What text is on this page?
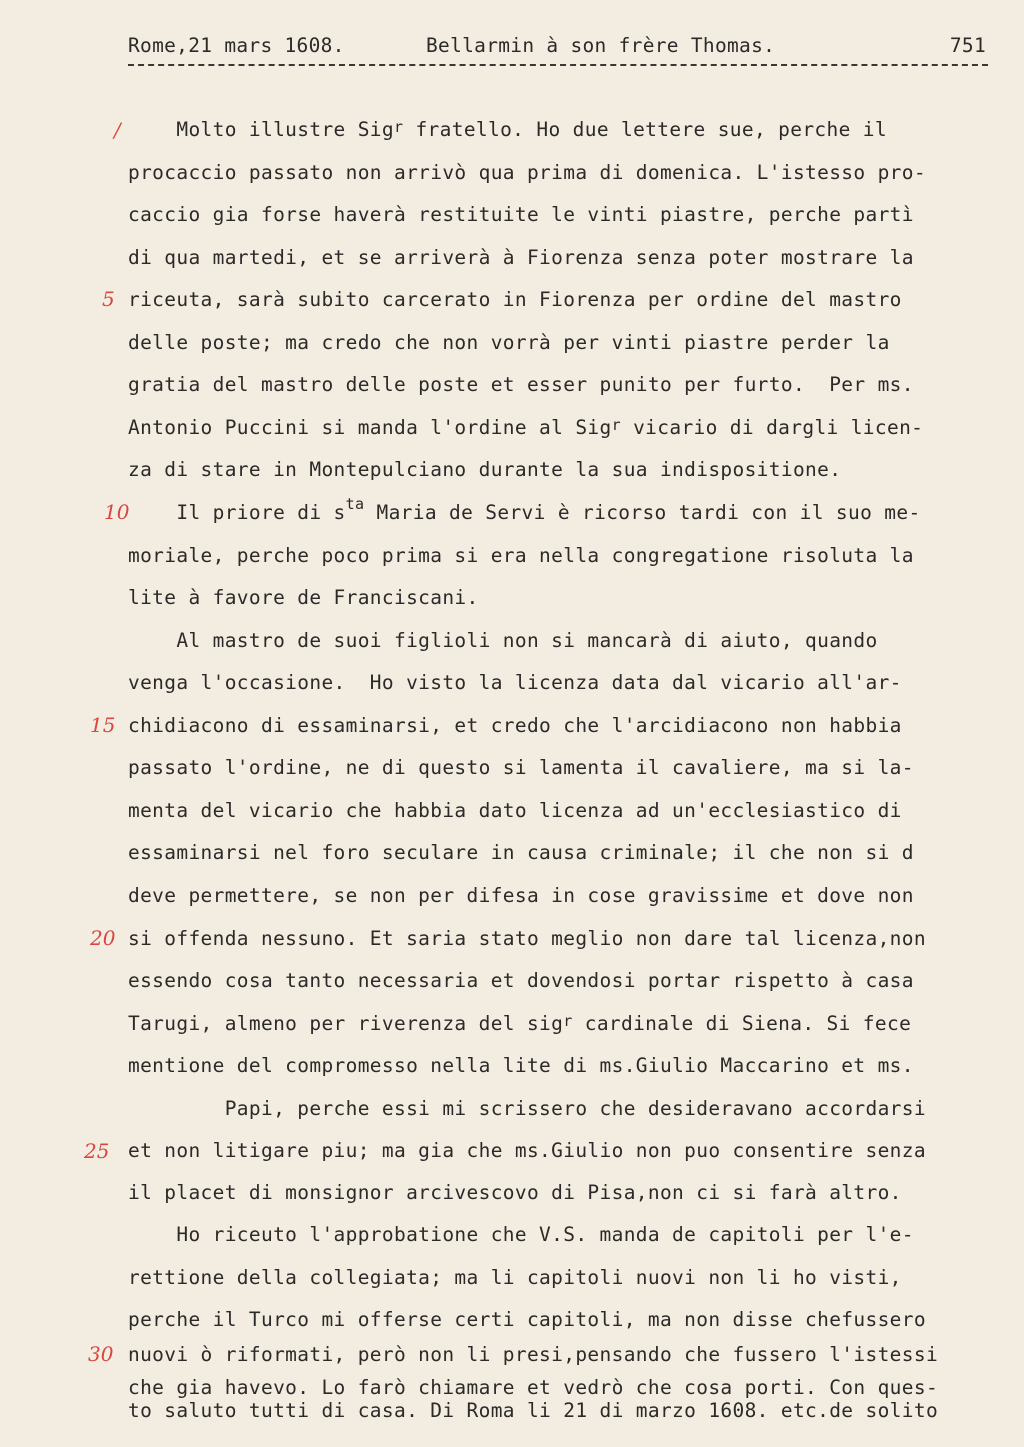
Rome,21 mars 1608.

	Bellarmin à son frère Thomas.

	751

/
5
10
15
20
25
30
Molto illustre Sig$^r$ fratello. Ho due lettere sue, perche il
procaccio passato non arrivò qua prima di domenica. L'istesso pro-
caccio gia forse haverà restituite le vinti piastre, perche partì
di qua martedi, et se arriverà à Fiorenza senza poter mostrare la
riceuta, sarà subito carcerato in Fiorenza per ordine del mastro
delle poste; ma credo che non vorrà per vinti piastre perder la
gratia del mastro delle poste et esser punito per furto.  Per ms.
Antonio Puccini si manda l'ordine al Sig$^r$ vicario di dargli licen-
za di stare in Montepulciano durante la sua indispositione.
Il priore di $s^{ta}$ Maria de Servi è ricorso tardi con il suo me-
moriale, perche poco prima si era nella congregatione risoluta la
lite à favore de Franciscani.
Al mastro de suoi figlioli non si mancarà di aiuto, quando
venga l'occasione.  Ho visto la licenza data dal vicario all'ar-
chidiacono di essaminarsi, et credo che l'arcidiacono non habbia
passato l'ordine, ne di questo si lamenta il cavaliere, ma si la-
menta del vicario che habbia dato licenza ad un'ecclesiastico di
essaminarsi nel foro seculare in causa criminale; il che non si d
deve permettere, se non per difesa in cose gravissime et dove non
si offenda nessuno. Et saria stato meglio non dare tal licenza,non
essendo cosa tanto necessaria et dovendosi portar rispetto à casa
Tarugi, almeno per riverenza del sig$^r$ cardinale di Siena. Si fece
mentione del compromesso nella lite di ms.Giulio Maccarino et ms.
Papi, perche essi mi scrissero che desideravano accordarsi
et non litigare piu; ma gia che ms.Giulio non puo consentire senza
il placet di monsignor arcivescovo di Pisa,non ci si farà altro.
Ho riceuto l'approbatione che V.S. manda de capitoli per l'e-
rettione della collegiata; ma li capitoli nuovi non li ho visti,
perche il Turco mi offerse certi capitoli, ma non disse chefussero
nuovi ò riformati, però non li presi,pensando che fussero l'istessi
che gia havevo. Lo farò chiamare et vedrò che cosa porti. Con ques-
to saluto tutti di casa. Di Roma li 21 di marzo 1608. etc.de solito
